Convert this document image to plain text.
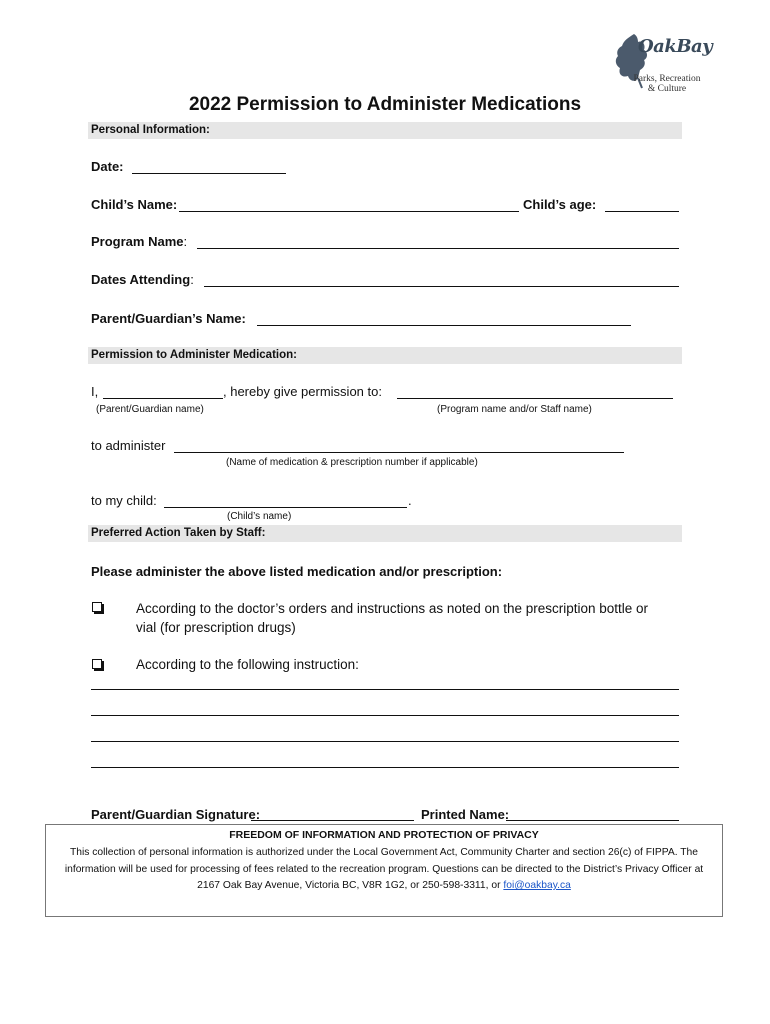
OakBay
Parks, Recreation
& Culture
2022 Permission to Administer Medications
Personal Information:
Date:
Child’s Name:	Child’s age:
Program Name:
Dates Attending:
Parent/Guardian’s Name:
Permission to Administer Medication:
I,	, hereby give permission to:
(Parent/Guardian name)	(Program name and/or Staff name)
to administer
(Name of medication & prescription number if applicable)
to my child:	.
(Child’s name)
Preferred Action Taken by Staff:
Please administer the above listed medication and/or prescription:
According to the doctor’s orders and instructions as noted on the prescription bottle or
vial (for prescription drugs)
According to the following instruction:
Parent/Guardian Signature:	Printed Name:
FREEDOM OF INFORMATION AND PROTECTION OF PRIVACY
This collection of personal information is authorized under the Local Government Act, Community Charter and section 26(c) of FIPPA. The information will be used for processing of fees related to the recreation program. Questions can be directed to the District’s Privacy Officer at 2167 Oak Bay Avenue, Victoria BC, V8R 1G2, or 250-598-3311, or foi@oakbay.ca
